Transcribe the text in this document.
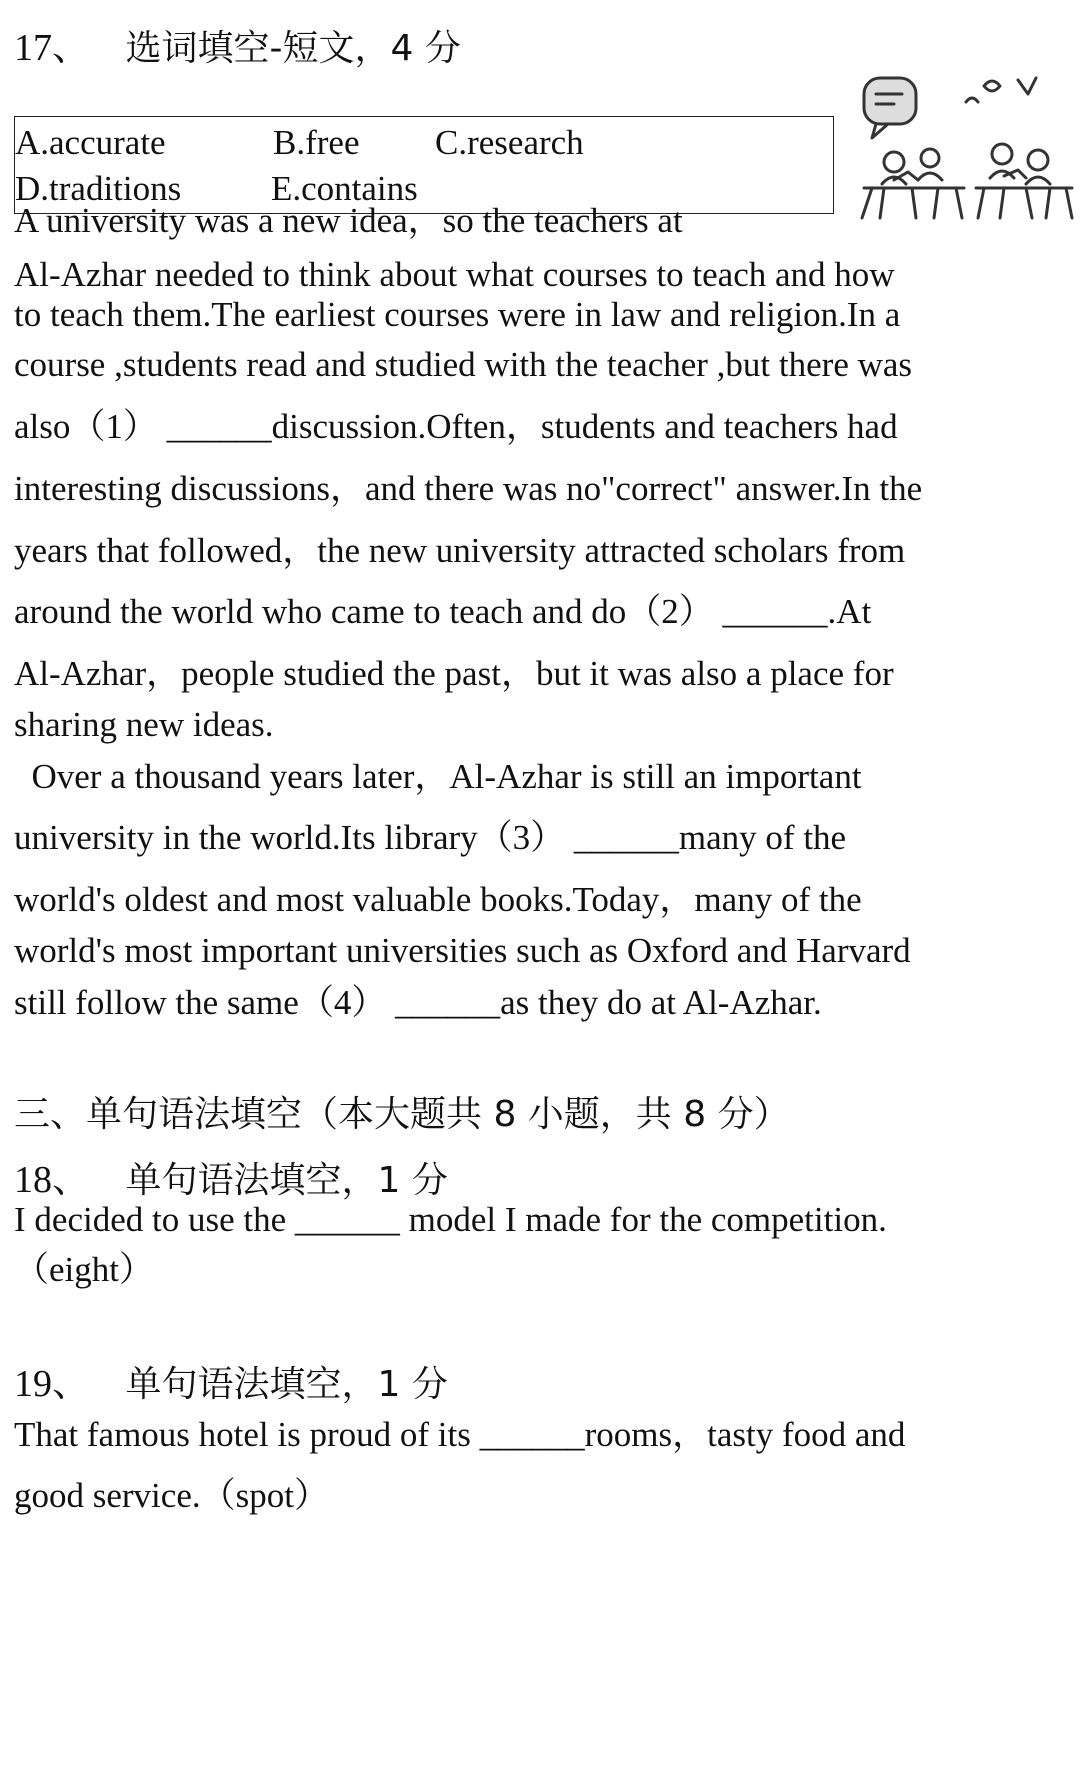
17、 选词填空-短文，4 分
A.accurate	B.free C.research
D.traditions	E.contains
A university was a new idea，so the teachers at
Al-Azhar needed to think about what courses to teach and how
to teach them.The earliest courses were in law and religion.In a
course ,students read and studied with the teacher ,but there was
also（1） ______discussion.Often，students and teachers had
interesting discussions，and there was no"correct" answer.In the
years that followed，the new university attracted scholars from
around the world who came to teach and do（2） ______.At
Al-Azhar，people studied the past，but it was also a place for
sharing new ideas.
Over a thousand years later，Al-Azhar is still an important
university in the world.Its library（3） ______many of the
world's oldest and most valuable books.Today，many of the
world's most important universities such as Oxford and Harvard
still follow the same（4） ______as they do at Al-Azhar.
三、单句语法填空（本大题共 8 小题，共 8 分）
18、 单句语法填空，1 分
I decided to use the ______ model I made for the competition.
（eight）
19、 单句语法填空，1 分
That famous hotel is proud of its ______rooms，tasty food and
good service.（spot）
